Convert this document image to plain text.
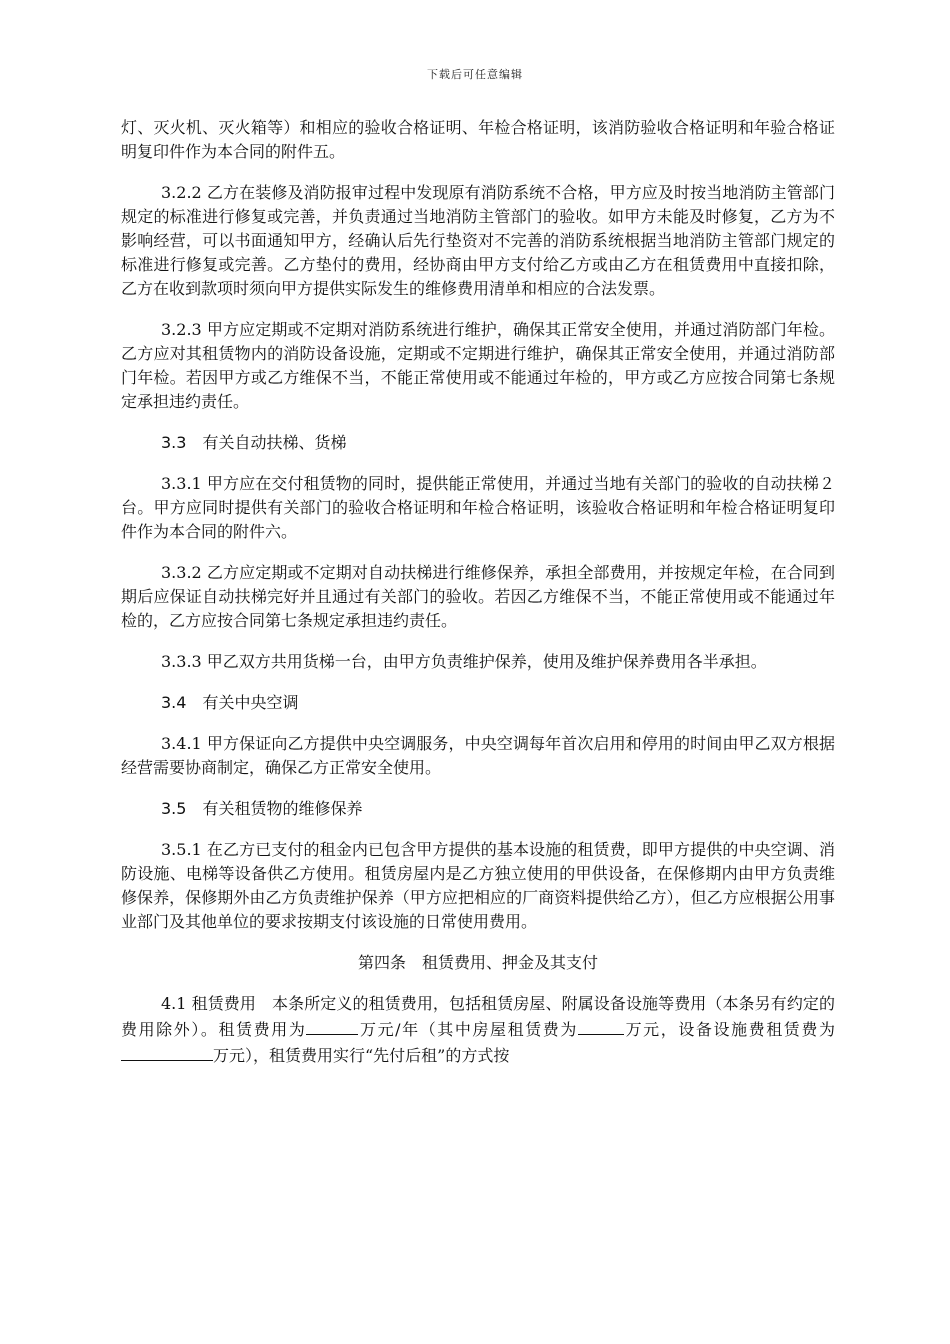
下载后可任意编辑

灯、灭火机、灭火箱等）和相应的验收合格证明、年检合格证明，该消防验收合格证明和年验合格证明复印件作为本合同的附件五。

3.2.2 乙方在装修及消防报审过程中发现原有消防系统不合格，甲方应及时按当地消防主管部门规定的标准进行修复或完善，并负责通过当地消防主管部门的验收。如甲方未能及时修复，乙方为不影响经营，可以书面通知甲方，经确认后先行垫资对不完善的消防系统根据当地消防主管部门规定的标准进行修复或完善。乙方垫付的费用，经协商由甲方支付给乙方或由乙方在租赁费用中直接扣除，乙方在收到款项时须向甲方提供实际发生的维修费用清单和相应的合法发票。

3.2.3 甲方应定期或不定期对消防系统进行维护，确保其正常安全使用，并通过消防部门年检。乙方应对其租赁物内的消防设备设施，定期或不定期进行维护，确保其正常安全使用，并通过消防部门年检。若因甲方或乙方维保不当，不能正常使用或不能通过年检的，甲方或乙方应按合同第七条规定承担违约责任。

3.3　有关自动扶梯、货梯

3.3.1 甲方应在交付租赁物的同时，提供能正常使用，并通过当地有关部门的验收的自动扶梯２台。甲方应同时提供有关部门的验收合格证明和年检合格证明，该验收合格证明和年检合格证明复印件作为本合同的附件六。

3.3.2 乙方应定期或不定期对自动扶梯进行维修保养，承担全部费用，并按规定年检，在合同到期后应保证自动扶梯完好并且通过有关部门的验收。若因乙方维保不当，不能正常使用或不能通过年检的，乙方应按合同第七条规定承担违约责任。

3.3.3 甲乙双方共用货梯一台，由甲方负责维护保养，使用及维护保养费用各半承担。

3.4　有关中央空调

3.4.1 甲方保证向乙方提供中央空调服务，中央空调每年首次启用和停用的时间由甲乙双方根据经营需要协商制定，确保乙方正常安全使用。

3.5　有关租赁物的维修保养

3.5.1 在乙方已支付的租金内已包含甲方提供的基本设施的租赁费，即甲方提供的中央空调、消防设施、电梯等设备供乙方使用。租赁房屋内是乙方独立使用的甲供设备，在保修期内由甲方负责维修保养，保修期外由乙方负责维护保养（甲方应把相应的厂商资料提供给乙方），但乙方应根据公用事业部门及其他单位的要求按期支付该设施的日常使用费用。

第四条　租赁费用、押金及其支付

4.1 租赁费用　本条所定义的租赁费用，包括租赁房屋、附属设备设施等费用（本条另有约定的费用除外）。租赁费用为	万元/年（其中房屋租赁费为	万元，设备设施费租赁费为万元），租赁费用实行“先付后租”的方式按
